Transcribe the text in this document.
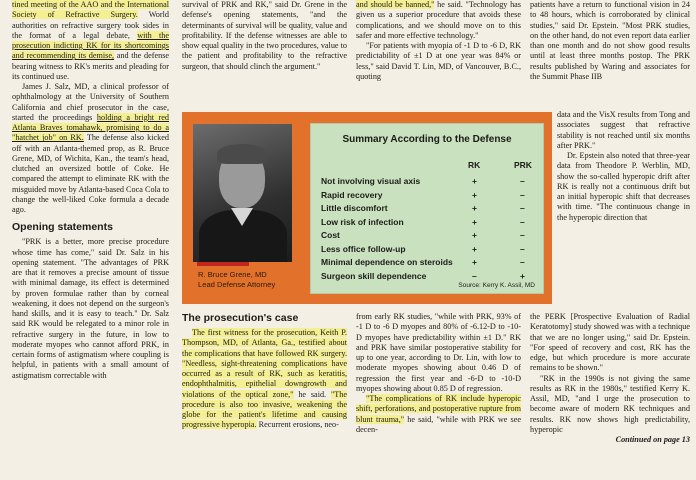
tined meeting of the AAO and the International Society of Refractive Surgery. World authorities on refractive surgery took sides in the format of a legal debate, with the prosecution indicting RK for its shortcomings and recommending its demise, and the defense bearing witness to RK's merits and pleading for its continued use.

James J. Salz, MD, a clinical professor of ophthalmology at the University of Southern California and chief prosecutor in the case, started the proceedings holding a bright red Atlanta Braves tomahawk, promising to do a "hatchet job" on RK. The defense also kicked off with an Atlanta-themed prop, as R. Bruce Grene, MD, of Wichita, Kan., the team's head, clutched an oversized bottle of Coke. He compared the attempt to eliminate RK with the misguided move by Atlanta-based Coca Cola to change the well-liked Coke formula a decade ago.

Opening statements

"PRK is a better, more precise procedure whose time has come," said Dr. Salz in his opening statement. "The advantages of PRK are that it removes a precise amount of tissue with minimal damage, its effect is determined by proven formulae rather than by corneal weakening, it does not depend on the surgeon's hand skills, and it is easy to teach." Dr. Salz said RK would be relegated to a minor role in refractive surgery in the future, in low to moderate myopes who cannot afford PRK, in certain forms of astigmatism where coupling is helpful, in patients with a small amount of astigmatism correctable with

survival of PRK and RK," said Dr. Grene in the defense's opening statements, "and the determinants of survival will be quality, value and profitability. If the defense witnesses are able to show equal quality in the two procedures, value to the patient and profitability to the refractive surgeon, that should clinch the argument."

and should be banned," he said. "Technology has given us a superior procedure that avoids these complications, and we should move on to this safer and more effective technology."

"For patients with myopia of -1 D to -6 D, RK predictability of ±1 D at one year was 84% or less," said David T. Lin, MD, of Vancouver, B.C., quoting

patients have a return to functional vision in 24 to 48 hours, which is corroborated by clinical studies," said Dr. Epstein. "Most PRK studies, on the other hand, do not even report data earlier than one month and do not show good results until at least three months postop. The PRK results published by Waring and associates for the Summit Phase IIB

data and the VisX results from Tong and associates suggest that refractive stability is not reached until six months after PRK."

Dr. Epstein also noted that three-year data from Theodore P. Werblin, MD, show the so-called hyperopic drift after RK is really not a continuous drift but an initial hyperopic shift that decreases with time. "The continuous change in the hyperopic direction that

R. Bruce Grene, MD
Lead Defense Attorney
Summary According to the Defense
RK	PRK
Not involving visual axis	+	–
Rapid recovery	+	–
Little discomfort	+	–
Low risk of infection	+	–
Cost	+	–
Less office follow-up	+	–
Minimal dependence on steroids +	–
Surgeon skill dependence	–	+
Source: Kerry K. Assil, MD
The prosecution's case

The first witness for the prosecution, Keith P. Thompson, MD, of Atlanta, Ga., testified about the complications that have followed RK surgery. "Needless, sight-threatening complications have occurred as a result of RK, such as keratitis, endophthalmitis, epithelial downgrowth and violations of the optical zone," he said. "The procedure is also too invasive, weakening the globe for the patient's lifetime and causing progressive hyperopia. Recurrent erosions, neo-

from early RK studies, "while with PRK, 93% of -1 D to -6 D myopes and 80% of -6.12-D to -10-D myopes have predictability within ±1 D." RK and PRK have similar postoperative stability for up to one year, according to Dr. Lin, with low to moderate myopes showing about 0.46 D of regression the first year and -6-D to -10-D myopes showing about 0.85 D of regression.

"The complications of RK include hyperopic shift, perforations, and postoperative rupture from blunt trauma," he said, "while with PRK we see decen-

the PERK [Prospective Evaluation of Radial Keratotomy] study showed was with a technique that we are no longer using," said Dr. Epstein. "For speed of recovery and cost, RK has the edge, but which procedure is more accurate remains to be shown."

"RK in the 1990s is not giving the same results as RK in the 1980s," testified Kerry K. Assil, MD, "and I urge the prosecution to become aware of modern RK techniques and results. RK now shows high predictability, hyperopic

Continued on page 13
